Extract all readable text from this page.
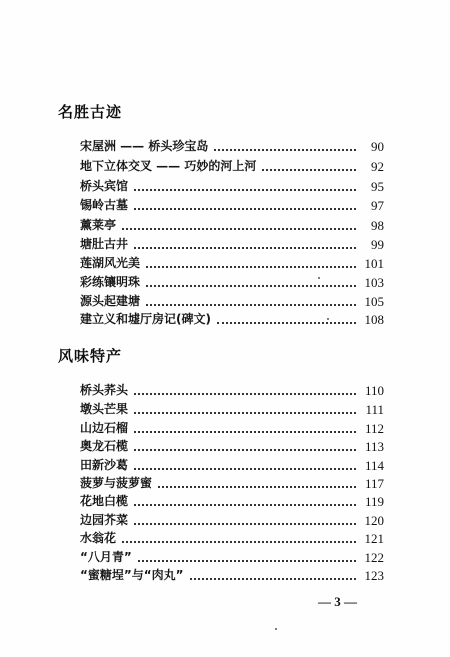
名胜古迹
宋屋洲 —— 桥头珍宝岛	90
地下立体交叉 —— 巧妙的河上河	92
桥头宾馆	95
锡岭古墓	97
薰莱亭	98
塘肚古井	99
莲湖风光美	101
彩练镶明珠	103
源头起建塘	105
建立义和墟厅房记(碑文)	108
风味特产
桥头荞头	110
墩头芒果	111
山边石榴	112
奥龙石榄	113
田新沙葛	114
菠萝与菠萝蜜	117
花地白榄	119
边园芥菜	120
水翁花	121
“八月青”	122
“蜜糖埕”与“肉丸”	123
— 3 —
